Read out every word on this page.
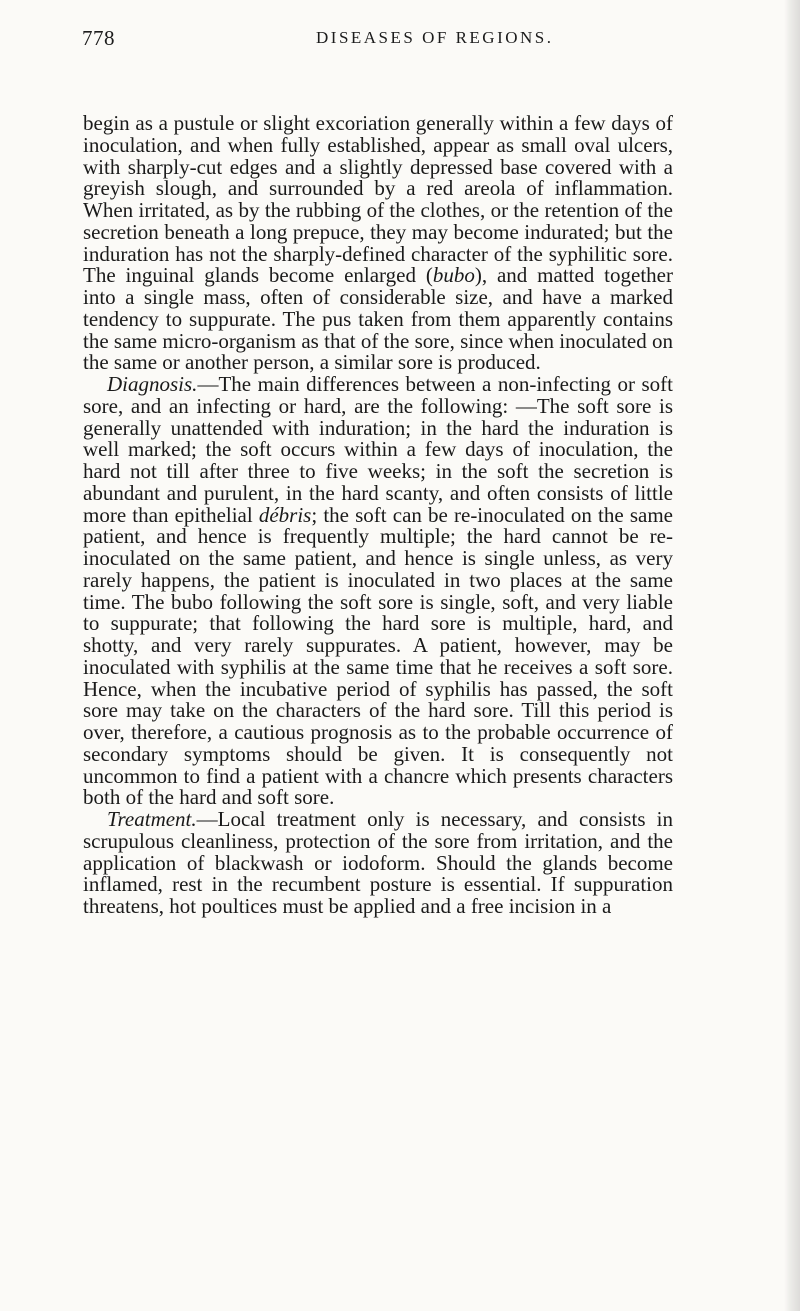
778	DISEASES OF REGIONS.

begin as a pustule or slight excoriation generally within a few days of inoculation, and when fully established, appear as small oval ulcers, with sharply-cut edges and a slightly depressed base covered with a greyish slough, and surrounded by a red areola of inflammation. When irritated, as by the rubbing of the clothes, or the retention of the secretion beneath a long prepuce, they may become indurated; but the induration has not the sharply-defined character of the syphilitic sore. The inguinal glands become enlarged (bubo), and matted together into a single mass, often of considerable size, and have a marked tendency to suppurate. The pus taken from them apparently contains the same micro-organism as that of the sore, since when inoculated on the same or another person, a similar sore is produced.

Diagnosis.—The main differences between a non-infecting or soft sore, and an infecting or hard, are the following: —The soft sore is generally unattended with induration; in the hard the induration is well marked; the soft occurs within a few days of inoculation, the hard not till after three to five weeks; in the soft the secretion is abundant and purulent, in the hard scanty, and often consists of little more than epithelial débris; the soft can be re-inoculated on the same patient, and hence is frequently multiple; the hard cannot be re-inoculated on the same patient, and hence is single unless, as very rarely happens, the patient is inoculated in two places at the same time. The bubo following the soft sore is single, soft, and very liable to suppurate; that following the hard sore is multiple, hard, and shotty, and very rarely suppurates. A patient, however, may be inoculated with syphilis at the same time that he receives a soft sore. Hence, when the incubative period of syphilis has passed, the soft sore may take on the characters of the hard sore. Till this period is over, therefore, a cautious prognosis as to the probable occurrence of secondary symptoms should be given. It is consequently not uncommon to find a patient with a chancre which presents characters both of the hard and soft sore.

Treatment.—Local treatment only is necessary, and consists in scrupulous cleanliness, protection of the sore from irritation, and the application of blackwash or iodoform. Should the glands become inflamed, rest in the recumbent posture is essential. If suppuration threatens, hot poultices must be applied and a free incision in a
